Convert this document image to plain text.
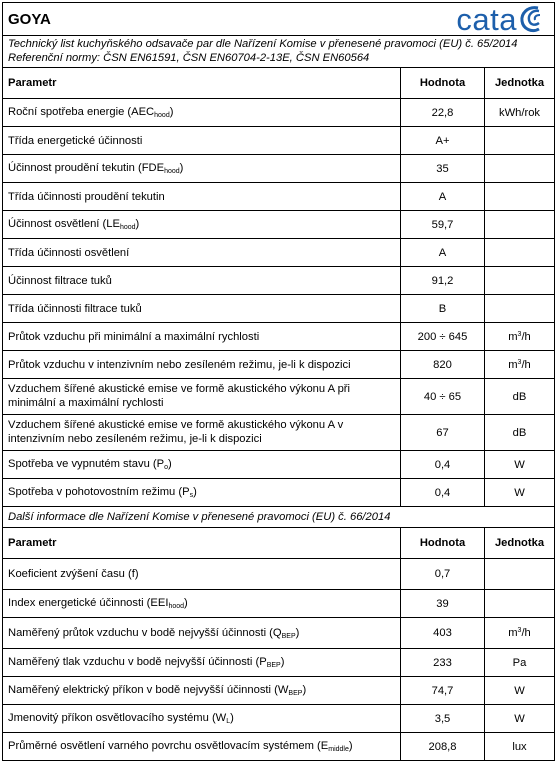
GOYA	cata
Technický list kuchyňského odsavače par dle Nařízení Komise v přenesené pravomoci (EU) č. 65/2014
Referenční normy: ČSN EN61591, ČSN EN60704-2-13E, ČSN EN60564
Parametr	Hodnota	Jednotka
Roční spotřeba energie $(AEC_{hood})$	22,8	kWh/rok
Třída energetické účinnosti	A+
Účinnost proudění tekutin $(FDE_{hood})$	35
Třída účinnosti proudění tekutin	A
Účinnost osvětlení $(LE_{hood})$	59,7
Třída účinnosti osvětlení	A
Účinnost filtrace tuků	91,2
Třída účinnosti filtrace tuků	B
Průtok vzduchu při minimální a maximální rychlosti	200 ÷ 645	$m^3/h$
Průtok vzduchu v intenzivním nebo zesíleném režimu, je-li k dispozici	820	$m^3/h$
Vzduchem šířené akustické emise ve formě akustického výkonu A při minimální a maximální rychlosti	40 ÷ 65	dB
Vzduchem šířené akustické emise ve formě akustického výkonu A v intenzivním nebo zesíleném režimu, je-li k dispozici	67	dB
Spotřeba ve vypnutém stavu $(P_o)$	0,4	W
Spotřeba v pohotovostním režimu $(P_s)$	0,4	W
Další informace dle Nařízení Komise v přenesené pravomoci (EU) č. 66/2014
Parametr	Hodnota	Jednotka
Koeficient zvýšení času (f)	0,7
Index energetické účinnosti $(EEI_{hood})$	39
Naměřený průtok vzduchu v bodě nejvyšší účinnosti $(Q_{BEP})$	403	$m^3/h$
Naměřený tlak vzduchu v bodě nejvyšší účinnosti $(P_{BEP})$	233	Pa
Naměřený elektrický příkon v bodě nejvyšší účinnosti $(W_{BEP})$	74,7	W
Jmenovitý příkon osvětlovacího systému $(W_L)$	3,5	W
Průměrné osvětlení varného povrchu osvětlovacím systémem $(E_{middle})$	208,8	lux
